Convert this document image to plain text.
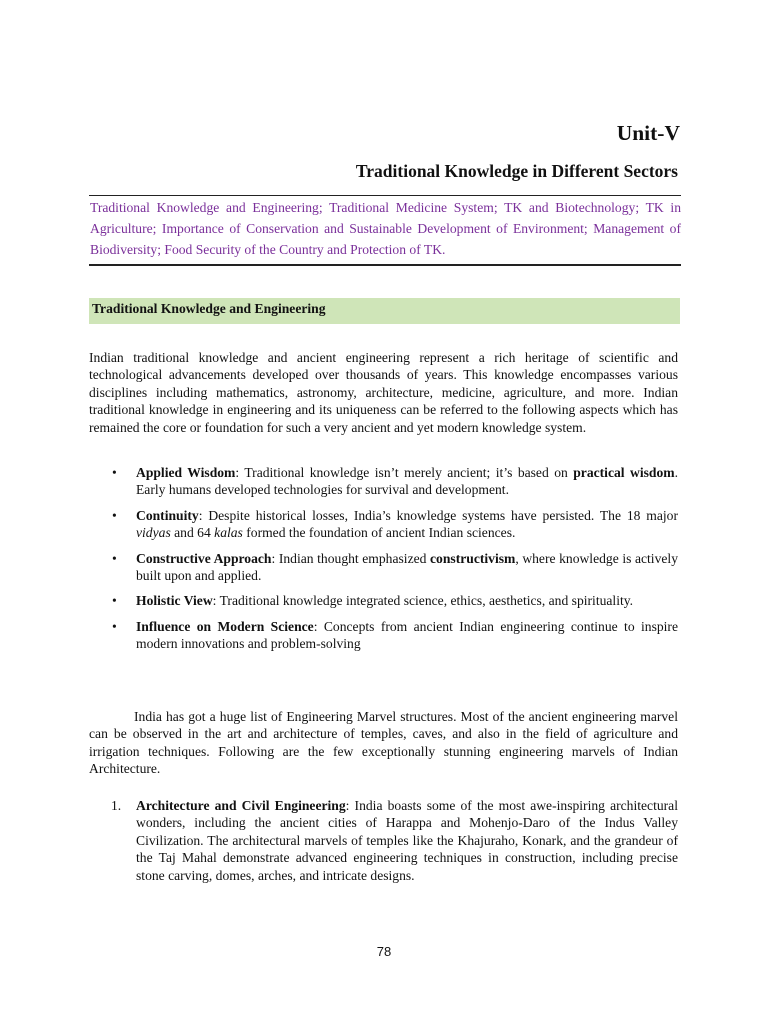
Unit-V
Traditional Knowledge in Different Sectors
Traditional Knowledge and Engineering; Traditional Medicine System; TK and Biotechnology; TK in Agriculture; Importance of Conservation and Sustainable Development of Environment; Management of Biodiversity; Food Security of the Country and Protection of TK.
Traditional Knowledge and Engineering

Indian traditional knowledge and ancient engineering represent a rich heritage of scientific and technological advancements developed over thousands of years. This knowledge encompasses various disciplines including mathematics, astronomy, architecture, medicine, agriculture, and more. Indian traditional knowledge in engineering and its uniqueness can be referred to the following aspects which has remained the core or foundation for such a very ancient and yet modern knowledge system.

• Applied Wisdom: Traditional knowledge isn’t merely ancient; it’s based on practical wisdom. Early humans developed technologies for survival and development.
• Continuity: Despite historical losses, India’s knowledge systems have persisted. The 18 major vidyas and 64 kalas formed the foundation of ancient Indian sciences.
• Constructive Approach: Indian thought emphasized constructivism, where knowledge is actively built upon and applied.
• Holistic View: Traditional knowledge integrated science, ethics, aesthetics, and spirituality.
• Influence on Modern Science: Concepts from ancient Indian engineering continue to inspire modern innovations and problem-solving

India has got a huge list of Engineering Marvel structures. Most of the ancient engineering marvel can be observed in the art and architecture of temples, caves, and also in the field of agriculture and irrigation techniques. Following are the few exceptionally stunning engineering marvels of Indian Architecture.

1. Architecture and Civil Engineering: India boasts some of the most awe-inspiring architectural wonders, including the ancient cities of Harappa and Mohenjo-Daro of the Indus Valley Civilization. The architectural marvels of temples like the Khajuraho, Konark, and the grandeur of the Taj Mahal demonstrate advanced engineering techniques in construction, including precise stone carving, domes, arches, and intricate designs.
78
